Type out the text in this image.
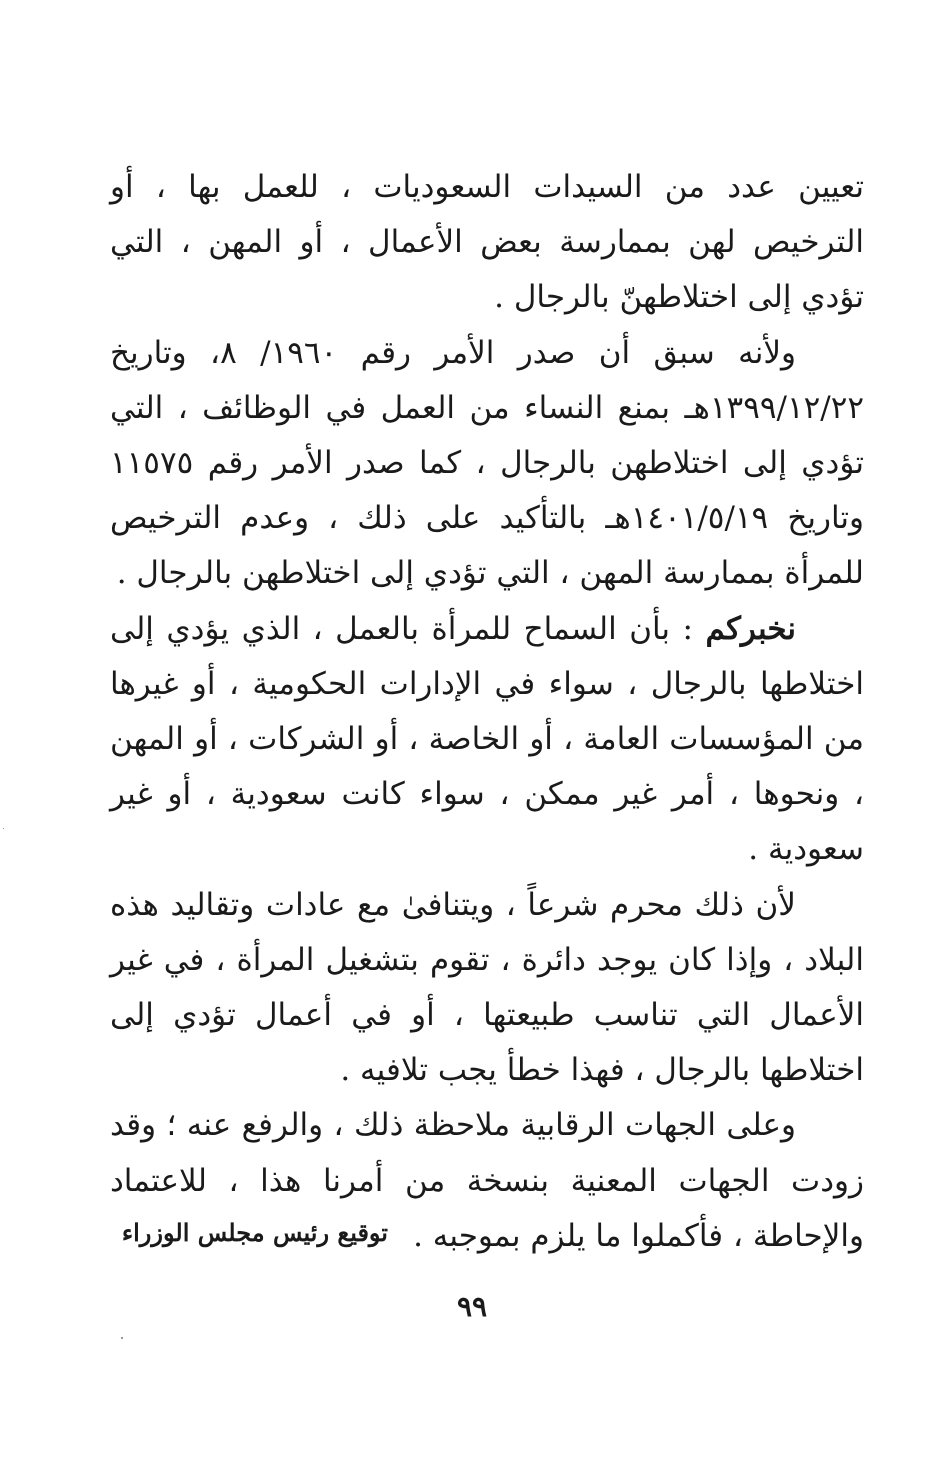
تعيين عدد من السيدات السعوديات ، للعمل بها ، أو الترخيص لهن بممارسة بعض الأعمال ، أو المهن ، التي تؤدي إلى اختلاطهنّ بالرجال .

ولأنه سبق أن صدر الأمر رقم ١٩٦٠/ ٨، وتاريخ ١٣٩٩/١٢/٢٢هـ بمنع النساء من العمل في الوظائف ، التي تؤدي إلى اختلاطهن بالرجال ، كما صدر الأمر رقم ١١٥٧٥ وتاريخ ١٤٠١/٥/١٩هـ بالتأكيد على ذلك ، وعدم الترخيص للمرأة بممارسة المهن ، التي تؤدي إلى اختلاطهن بالرجال .

نخبركم : بأن السماح للمرأة بالعمل ، الذي يؤدي إلى اختلاطها بالرجال ، سواء في الإدارات الحكومية ، أو غيرها من المؤسسات العامة ، أو الخاصة ، أو الشركات ، أو المهن ، ونحوها ، أمر غير ممكن ، سواء كانت سعودية ، أو غير سعودية .

لأن ذلك محرم شرعاً ، ويتنافىٰ مع عادات وتقاليد هذه البلاد ، وإذا كان يوجد دائرة ، تقوم بتشغيل المرأة ، في غير الأعمال التي تناسب طبيعتها ، أو في أعمال تؤدي إلى اختلاطها بالرجال ، فهذا خطأ يجب تلافيه .

وعلى الجهات الرقابية ملاحظة ذلك ، والرفع عنه ؛ وقد زودت الجهات المعنية بنسخة من أمرنا هذا ، للاعتماد والإحاطة ، فأكملوا ما يلزم بموجبه .

توقيع رئيس مجلس الوزراء
٩٩
